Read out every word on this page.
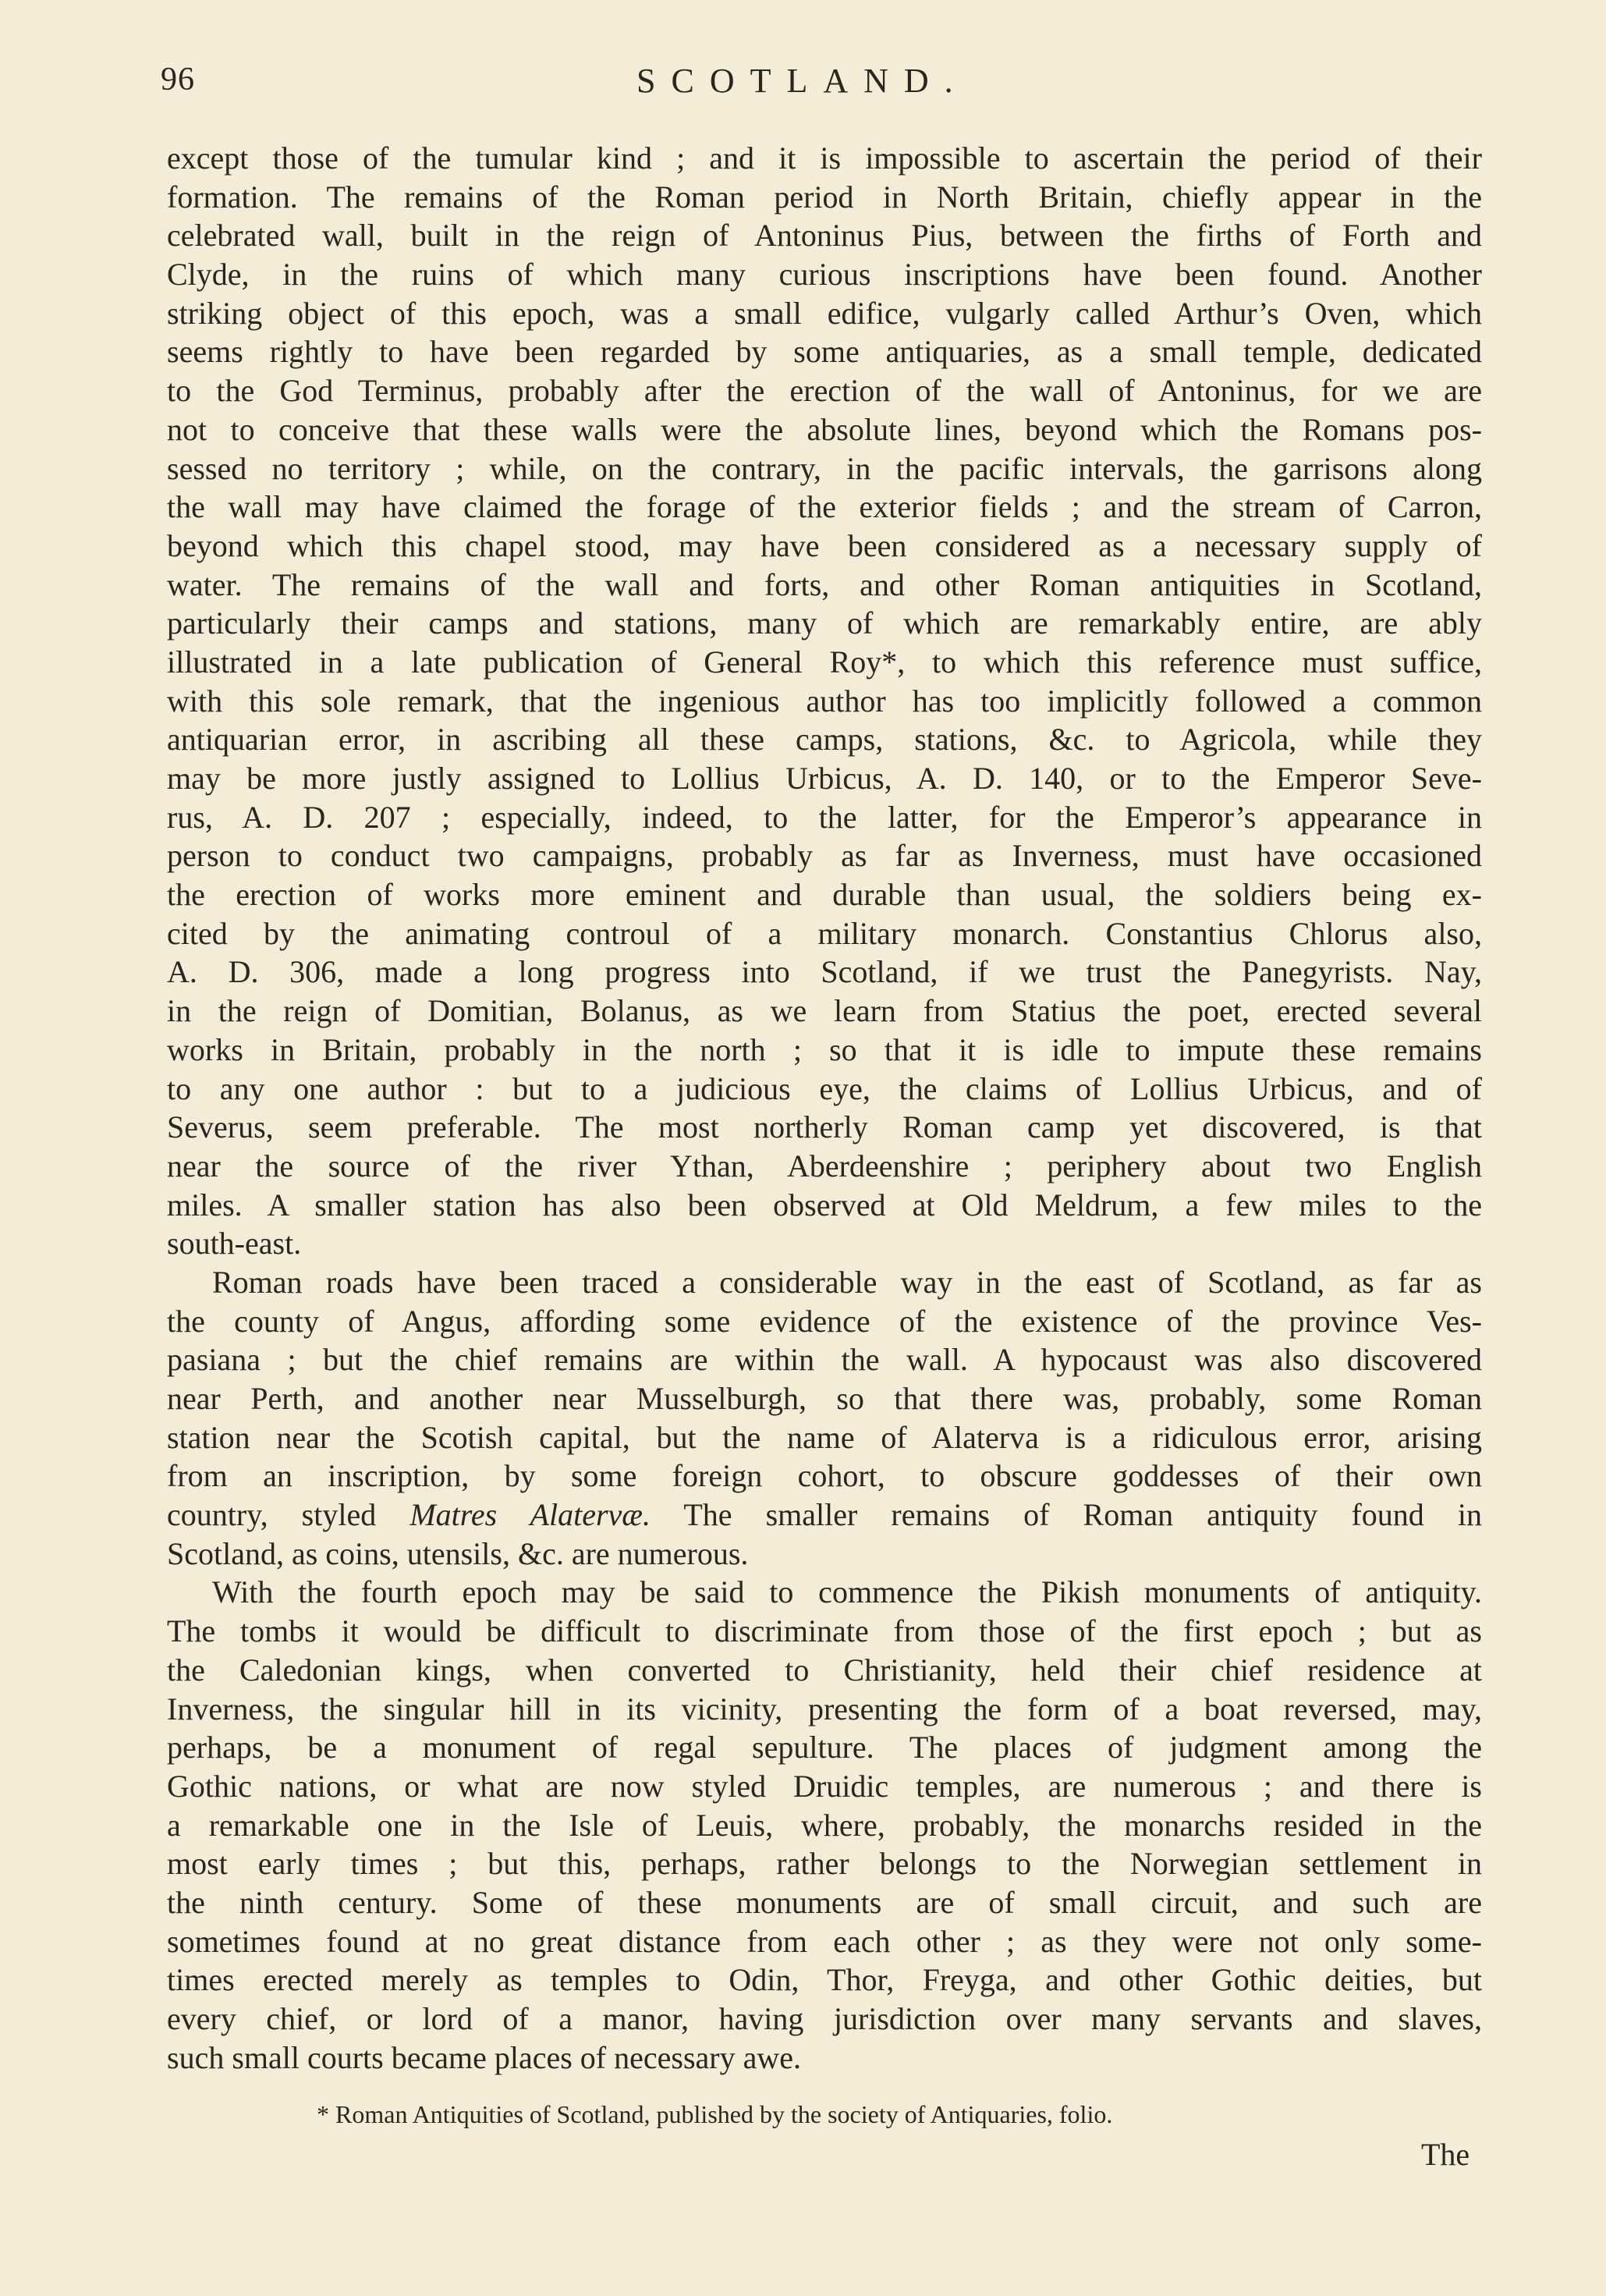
96	SCOTLAND.
except those of the tumular kind ; and it is impossible to ascertain the period of their
formation. The remains of the Roman period in North Britain, chiefly appear in the
celebrated wall, built in the reign of Antoninus Pius, between the firths of Forth and
Clyde, in the ruins of which many curious inscriptions have been found. Another
striking object of this epoch, was a small edifice, vulgarly called Arthur’s Oven, which
seems rightly to have been regarded by some antiquaries, as a small temple, dedicated
to the God Terminus, probably after the erection of the wall of Antoninus, for we are
not to conceive that these walls were the absolute lines, beyond which the Romans pos-
sessed no territory ; while, on the contrary, in the pacific intervals, the garrisons along
the wall may have claimed the forage of the exterior fields ; and the stream of Carron,
beyond which this chapel stood, may have been considered as a necessary supply of
water. The remains of the wall and forts, and other Roman antiquities in Scotland,
particularly their camps and stations, many of which are remarkably entire, are ably
illustrated in a late publication of General Roy*, to which this reference must suffice,
with this sole remark, that the ingenious author has too implicitly followed a common
antiquarian error, in ascribing all these camps, stations, &c. to Agricola, while they
may be more justly assigned to Lollius Urbicus, A. D. 140, or to the Emperor Seve-
rus, A. D. 207 ; especially, indeed, to the latter, for the Emperor’s appearance in
person to conduct two campaigns, probably as far as Inverness, must have occasioned
the erection of works more eminent and durable than usual, the soldiers being ex-
cited by the animating controul of a military monarch. Constantius Chlorus also,
A. D. 306, made a long progress into Scotland, if we trust the Panegyrists. Nay,
in the reign of Domitian, Bolanus, as we learn from Statius the poet, erected several
works in Britain, probably in the north ; so that it is idle to impute these remains
to any one author : but to a judicious eye, the claims of Lollius Urbicus, and of
Severus, seem preferable. The most northerly Roman camp yet discovered, is that
near the source of the river Ythan, Aberdeenshire ; periphery about two English
miles. A smaller station has also been observed at Old Meldrum, a few miles to the
south-east.
Roman roads have been traced a considerable way in the east of Scotland, as far as
the county of Angus, affording some evidence of the existence of the province Ves-
pasiana ; but the chief remains are within the wall. A hypocaust was also discovered
near Perth, and another near Musselburgh, so that there was, probably, some Roman
station near the Scotish capital, but the name of Alaterva is a ridiculous error, arising
from an inscription, by some foreign cohort, to obscure goddesses of their own
country, styled Matres Alatervæ. The smaller remains of Roman antiquity found in
Scotland, as coins, utensils, &c. are numerous.
With the fourth epoch may be said to commence the Pikish monuments of antiquity.
The tombs it would be difficult to discriminate from those of the first epoch ; but as
the Caledonian kings, when converted to Christianity, held their chief residence at
Inverness, the singular hill in its vicinity, presenting the form of a boat reversed, may,
perhaps, be a monument of regal sepulture. The places of judgment among the
Gothic nations, or what are now styled Druidic temples, are numerous ; and there is
a remarkable one in the Isle of Leuis, where, probably, the monarchs resided in the
most early times ; but this, perhaps, rather belongs to the Norwegian settlement in
the ninth century. Some of these monuments are of small circuit, and such are
sometimes found at no great distance from each other ; as they were not only some-
times erected merely as temples to Odin, Thor, Freyga, and other Gothic deities, but
every chief, or lord of a manor, having jurisdiction over many servants and slaves,
such small courts became places of necessary awe.
* Roman Antiquities of Scotland, published by the society of Antiquaries, folio.
The
